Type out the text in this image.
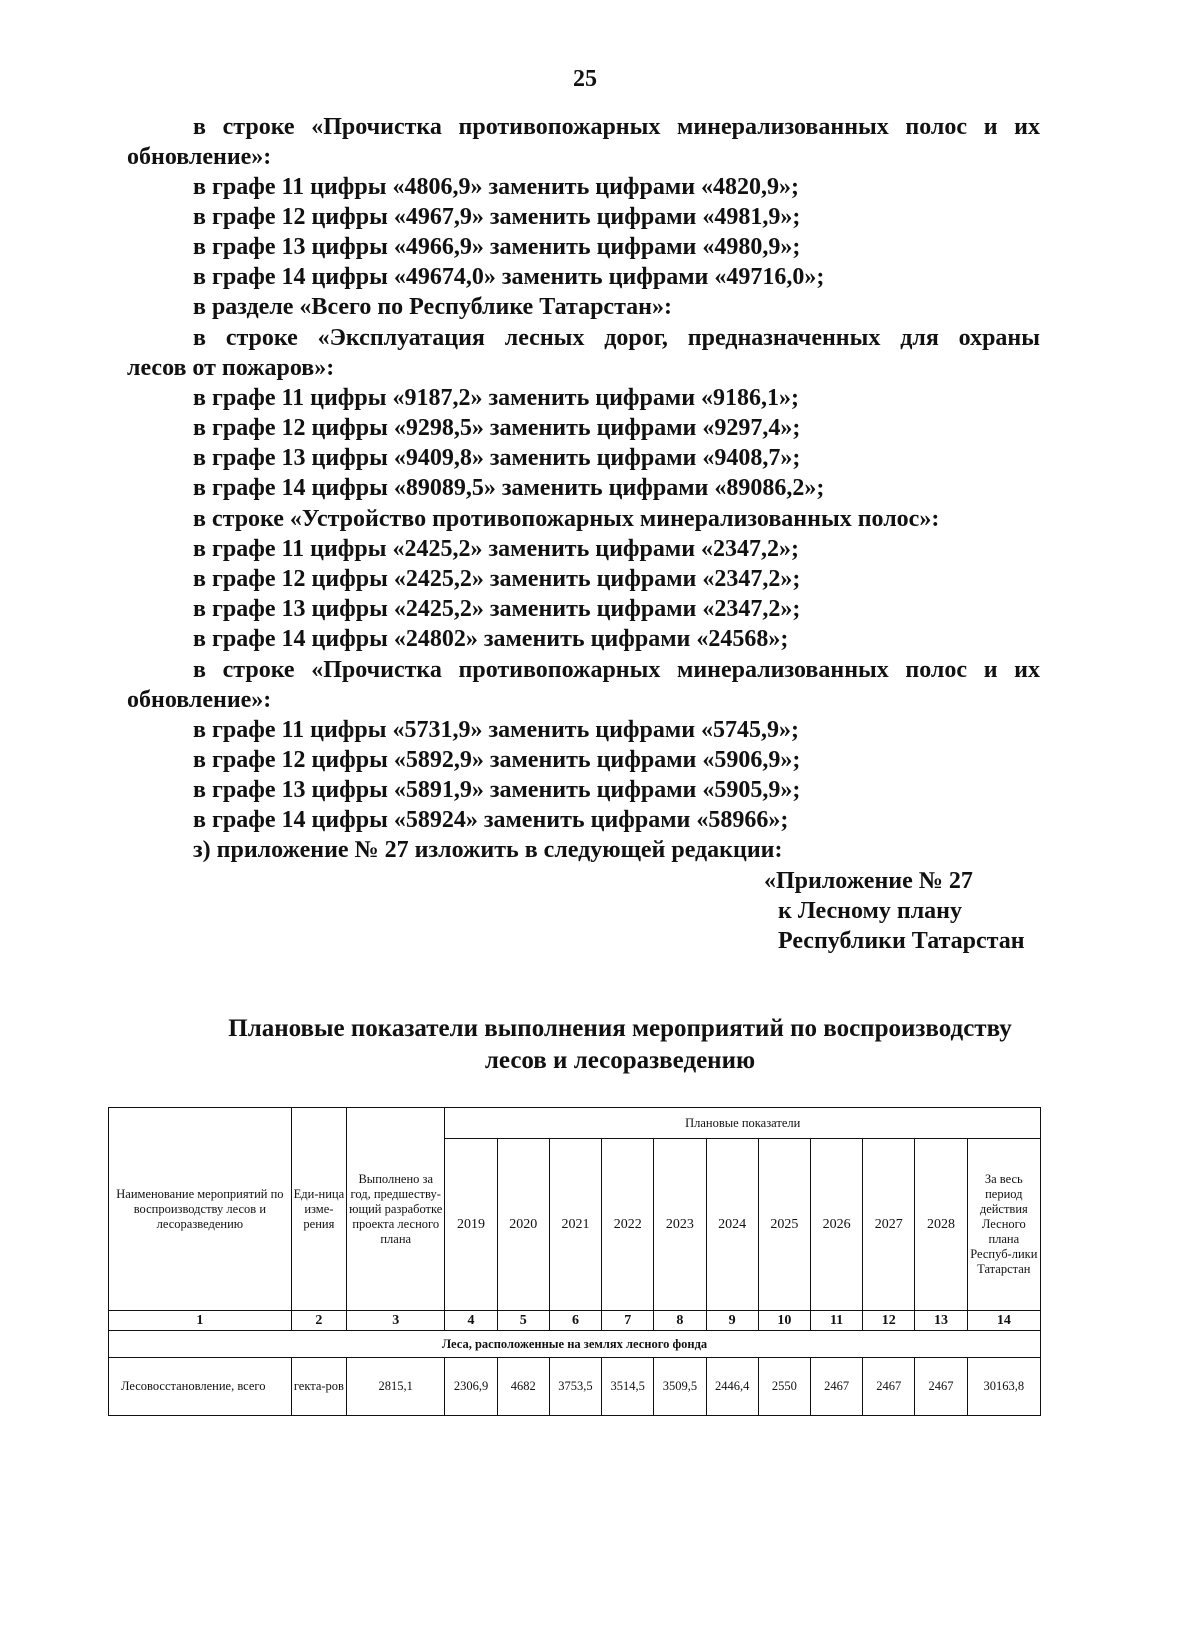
25
в строке «Прочистка противопожарных минерализованных полос и их
обновление»:
в графе 11 цифры «4806,9» заменить цифрами «4820,9»;
в графе 12 цифры «4967,9» заменить цифрами «4981,9»;
в графе 13 цифры «4966,9» заменить цифрами «4980,9»;
в графе 14 цифры «49674,0» заменить цифрами «49716,0»;
в разделе «Всего по Республике Татарстан»:
в строке «Эксплуатация лесных дорог, предназначенных для охраны
лесов от пожаров»:
в графе 11 цифры «9187,2» заменить цифрами «9186,1»;
в графе 12 цифры «9298,5» заменить цифрами «9297,4»;
в графе 13 цифры «9409,8» заменить цифрами «9408,7»;
в графе 14 цифры «89089,5» заменить цифрами «89086,2»;
в строке «Устройство противопожарных минерализованных полос»:
в графе 11 цифры «2425,2» заменить цифрами «2347,2»;
в графе 12 цифры «2425,2» заменить цифрами «2347,2»;
в графе 13 цифры «2425,2» заменить цифрами «2347,2»;
в графе 14 цифры «24802» заменить цифрами «24568»;
в строке «Прочистка противопожарных минерализованных полос и их
обновление»:
в графе 11 цифры «5731,9» заменить цифрами «5745,9»;
в графе 12 цифры «5892,9» заменить цифрами «5906,9»;
в графе 13 цифры «5891,9» заменить цифрами «5905,9»;
в графе 14 цифры «58924» заменить цифрами «58966»;
з) приложение № 27 изложить в следующей редакции:
«Приложение № 27
к Лесному плану
Республики Татарстан
Плановые показатели выполнения мероприятий по воспроизводству
лесов и лесоразведению
Наименование мероприятий по воспроизводству лесов и лесоразведению	Еди-ница изме-рения	Выполнено за год, предшеству-ющий разработке проекта лесного плана	Плановые показатели										
			2019	2020	2021	2022	2023	2024	2025	2026	2027	2028	За весь период действия Лесного плана Респуб-лики Татарстан
1	2	3	4	5	6	7	8	9	10	11	12	13	14
Леса, расположенные на землях лесного фонда													
Лесовосстановление, всего	гекта-ров	2815,1	2306,9	4682	3753,5	3514,5	3509,5	2446,4	2550	2467	2467	2467	30163,8
